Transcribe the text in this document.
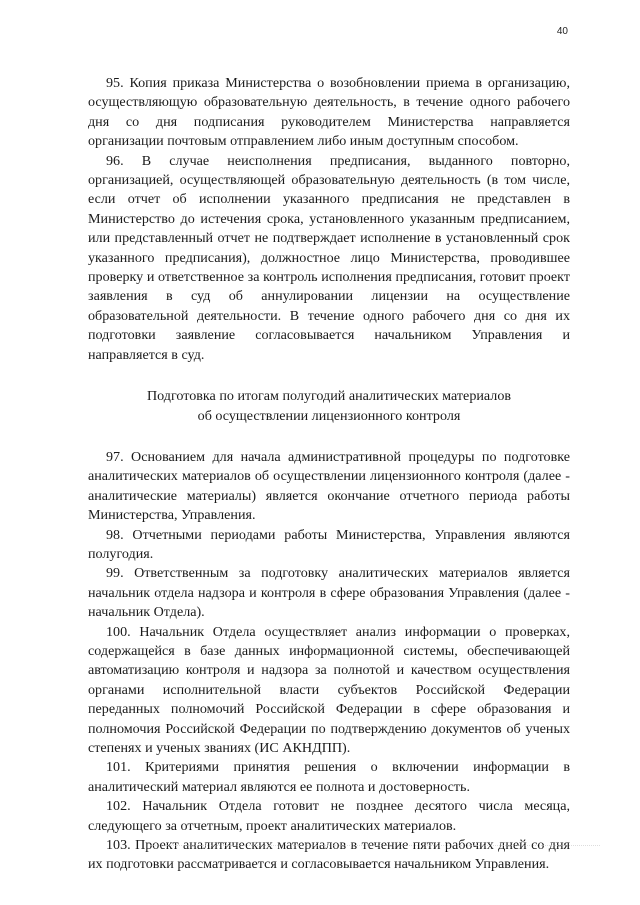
40

95. Копия приказа Министерства о возобновлении приема в организацию, осуществляющую образовательную деятельность, в течение одного рабочего дня со дня подписания руководителем Министерства направляется организации почтовым отправлением либо иным доступным способом.

96. В случае неисполнения предписания, выданного повторно, организацией, осуществляющей образовательную деятельность (в том числе, если отчет об исполнении указанного предписания не представлен в Министерство до истечения срока, установленного указанным предписанием, или представленный отчет не подтверждает исполнение в установленный срок указанного предписания), должностное лицо Министерства, проводившее проверку и ответственное за контроль исполнения предписания, готовит проект заявления в суд об аннулировании лицензии на осуществление образовательной деятельности. В течение одного рабочего дня со дня их подготовки заявление согласовывается начальником Управления и направляется в суд.

Подготовка по итогам полугодий аналитических материалов
об осуществлении лицензионного контроля

97. Основанием для начала административной процедуры по подготовке аналитических материалов об осуществлении лицензионного контроля (далее - аналитические материалы) является окончание отчетного периода работы Министерства, Управления.

98. Отчетными периодами работы Министерства, Управления являются полугодия.

99. Ответственным за подготовку аналитических материалов является начальник отдела надзора и контроля в сфере образования Управления (далее - начальник Отдела).

100. Начальник Отдела осуществляет анализ информации о проверках, содержащейся в базе данных информационной системы, обеспечивающей автоматизацию контроля и надзора за полнотой и качеством осуществления органами исполнительной власти субъектов Российской Федерации переданных полномочий Российской Федерации в сфере образования и полномочия Российской Федерации по подтверждению документов об ученых степенях и ученых званиях (ИС АКНДПП).

101. Критериями принятия решения о включении информации в аналитический материал являются ее полнота и достоверность.

102. Начальник Отдела готовит не позднее десятого числа месяца, следующего за отчетным, проект аналитических материалов.

103. Проект аналитических материалов в течение пяти рабочих дней со дня их подготовки рассматривается и согласовывается начальником Управления.
